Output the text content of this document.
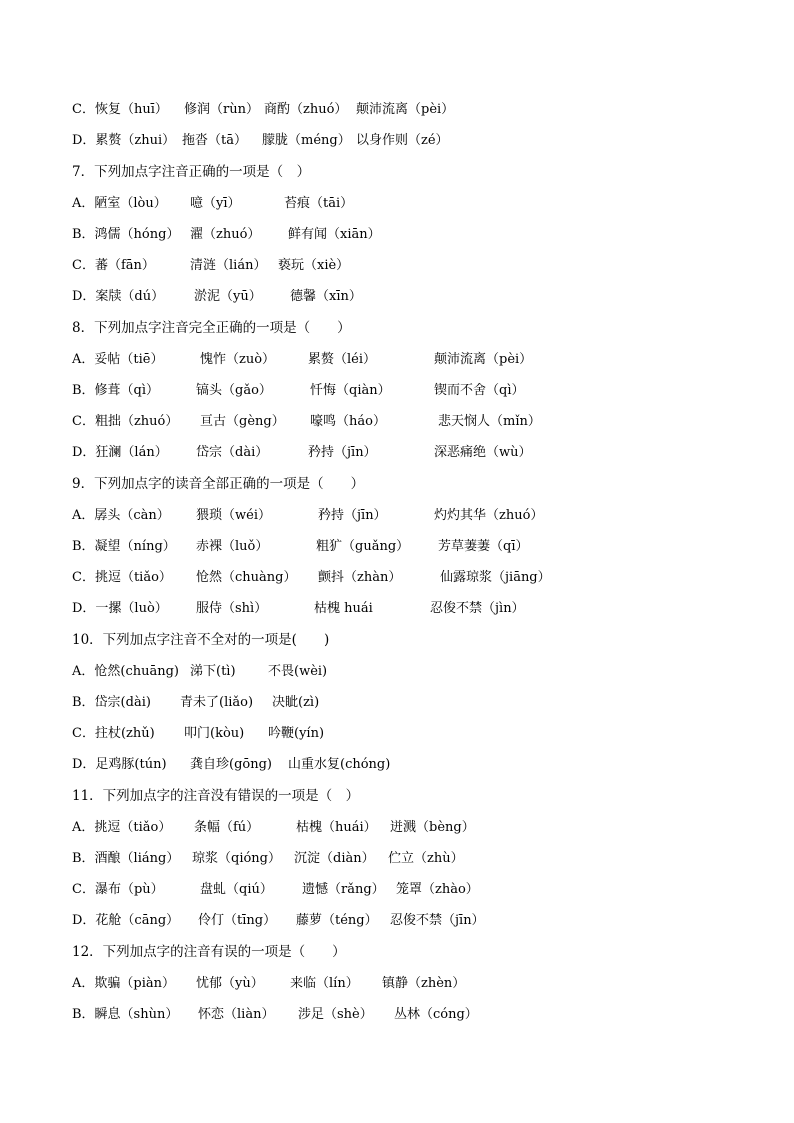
C．恢复（huī） 修润（rùn） 商酌（zhuó） 颠沛流离（pèi）
D．累赘（zhui） 拖沓（tā） 朦胧（méng） 以身作则（zé）
7．下列加点字注音正确的一项是（　）
A．陋室（lòu） 噫（yī）	苔痕（tāi）
B．鸿儒（hóng） 濯（zhuó） 鲜有闻（xiān）
C．蕃（fān）	清涟（lián） 亵玩（xiè）
D．案牍（dú） 淤泥（yū） 德馨（xīn）
8．下列加点字注音完全正确的一项是（　　）
A．妥帖（tiē）	愧怍（zuò）	累赘（léi）	颠沛流离（pèi）
B．修葺（qì）	镐头（gǎo）	忏悔（qiàn）	锲而不舍（qì）
C．粗拙（zhuó） 亘古（gèng） 嚎鸣（háo）	悲天悯人（mǐn）
D．狂澜（lán） 岱宗（dài）	矜持（jīn）	深恶痛绝（wù）
9．下列加点字的读音全部正确的一项是（　　）
A．孱头（càn） 猥琐（wéi）	矜持（jīn）	灼灼其华（zhuó）
B．凝望（níng） 赤裸（luǒ）	粗犷（guǎng） 芳草萋萋（qī）
C．挑逗（tiǎo） 怆然（chuàng） 颤抖（zhàn）	仙露琼浆（jiāng）
D．一摞（luò） 服侍（shì）	枯槐 huái	忍俊不禁（jìn）
10．下列加点字注音不全对的一项是(　　)
A．怆然(chuāng) 涕下(tì) 不畏(wèi)
B．岱宗(dài) 青未了(liǎo) 决眦(zì)
C．拄杖(zhǔ) 叩门(kòu) 吟鞭(yín)
D．足鸡豚(tún) 龚自珍(gōng) 山重水复(chóng)
11．下列加点字的注音没有错误的一项是（　）
A．挑逗（tiǎo） 条幅（fú）	枯槐（huái） 迸溅（bèng）
B．酒酿（liáng） 琼浆（qióng） 沉淀（diàn） 伫立（zhù）
C．瀑布（pù）	盘虬（qiú） 遗憾（rǎng） 笼罩（zhào）
D．花舱（cāng） 伶仃（tīng） 藤萝（téng） 忍俊不禁（jīn）
12．下列加点字的注音有误的一项是（　　）
A．欺骗（piàn） 忧郁（yù） 来临（lín） 镇静（zhèn）
B．瞬息（shùn） 怀恋（liàn） 涉足（shè） 丛林（cóng）
